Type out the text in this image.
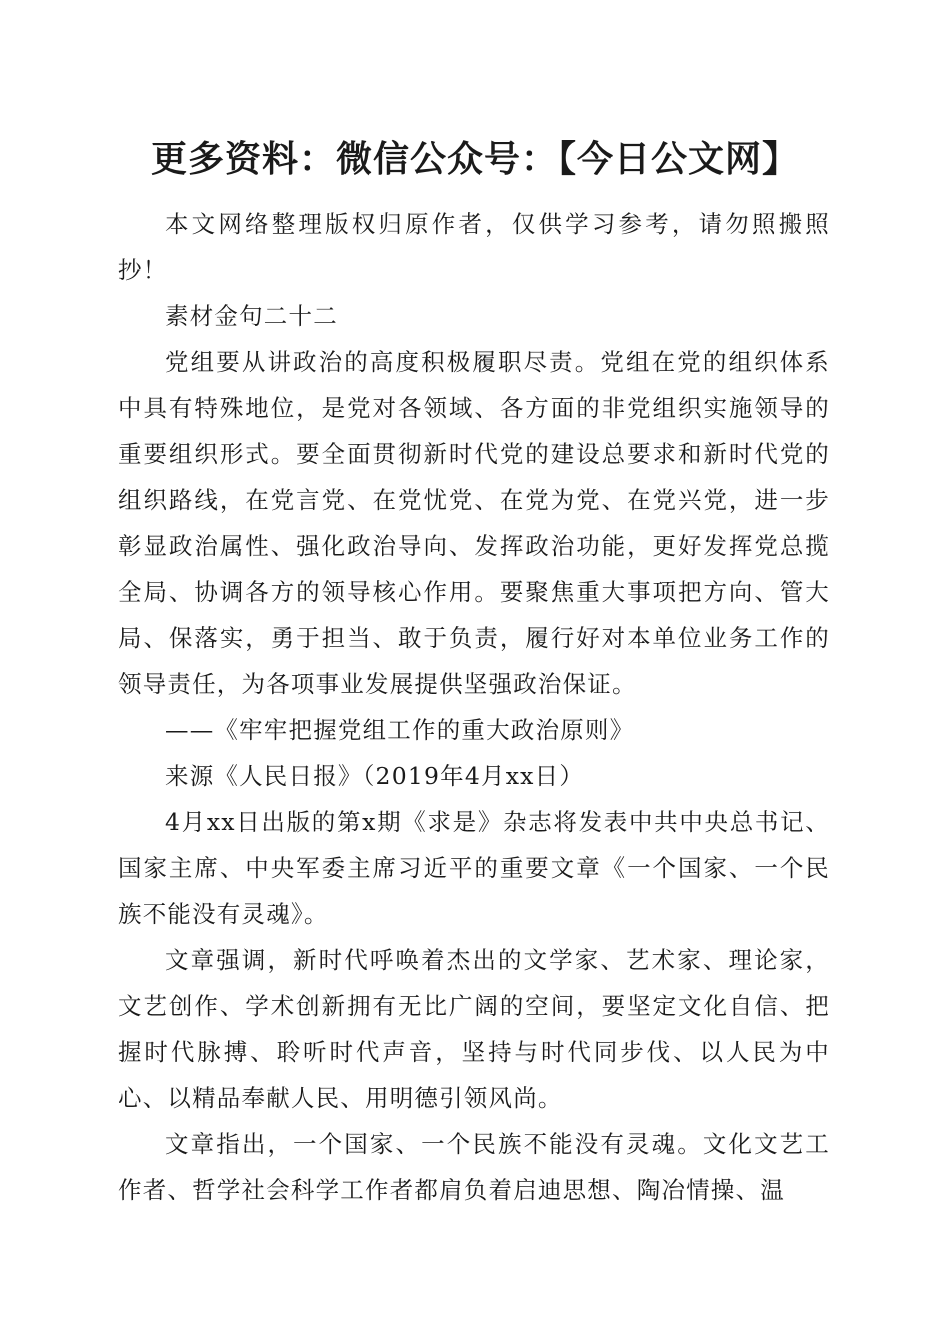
更多资料：微信公众号：【今日公文网】

本文网络整理版权归原作者，仅供学习参考，请勿照搬照抄！

素材金句二十二

党组要从讲政治的高度积极履职尽责。党组在党的组织体系中具有特殊地位，是党对各领域、各方面的非党组织实施领导的重要组织形式。要全面贯彻新时代党的建设总要求和新时代党的组织路线，在党言党、在党忧党、在党为党、在党兴党，进一步彰显政治属性、强化政治导向、发挥政治功能，更好发挥党总揽全局、协调各方的领导核心作用。要聚焦重大事项把方向、管大局、保落实，勇于担当、敢于负责，履行好对本单位业务工作的领导责任，为各项事业发展提供坚强政治保证。

——《牢牢把握党组工作的重大政治原则》

来源《人民日报》（2019年4月xx日）

4月xx日出版的第x期《求是》杂志将发表中共中央总书记、国家主席、中央军委主席习近平的重要文章《一个国家、一个民族不能没有灵魂》。

文章强调，新时代呼唤着杰出的文学家、艺术家、理论家，文艺创作、学术创新拥有无比广阔的空间，要坚定文化自信、把握时代脉搏、聆听时代声音，坚持与时代同步伐、以人民为中心、以精品奉献人民、用明德引领风尚。

文章指出，一个国家、一个民族不能没有灵魂。文化文艺工作者、哲学社会科学工作者都肩负着启迪思想、陶冶情操、温
